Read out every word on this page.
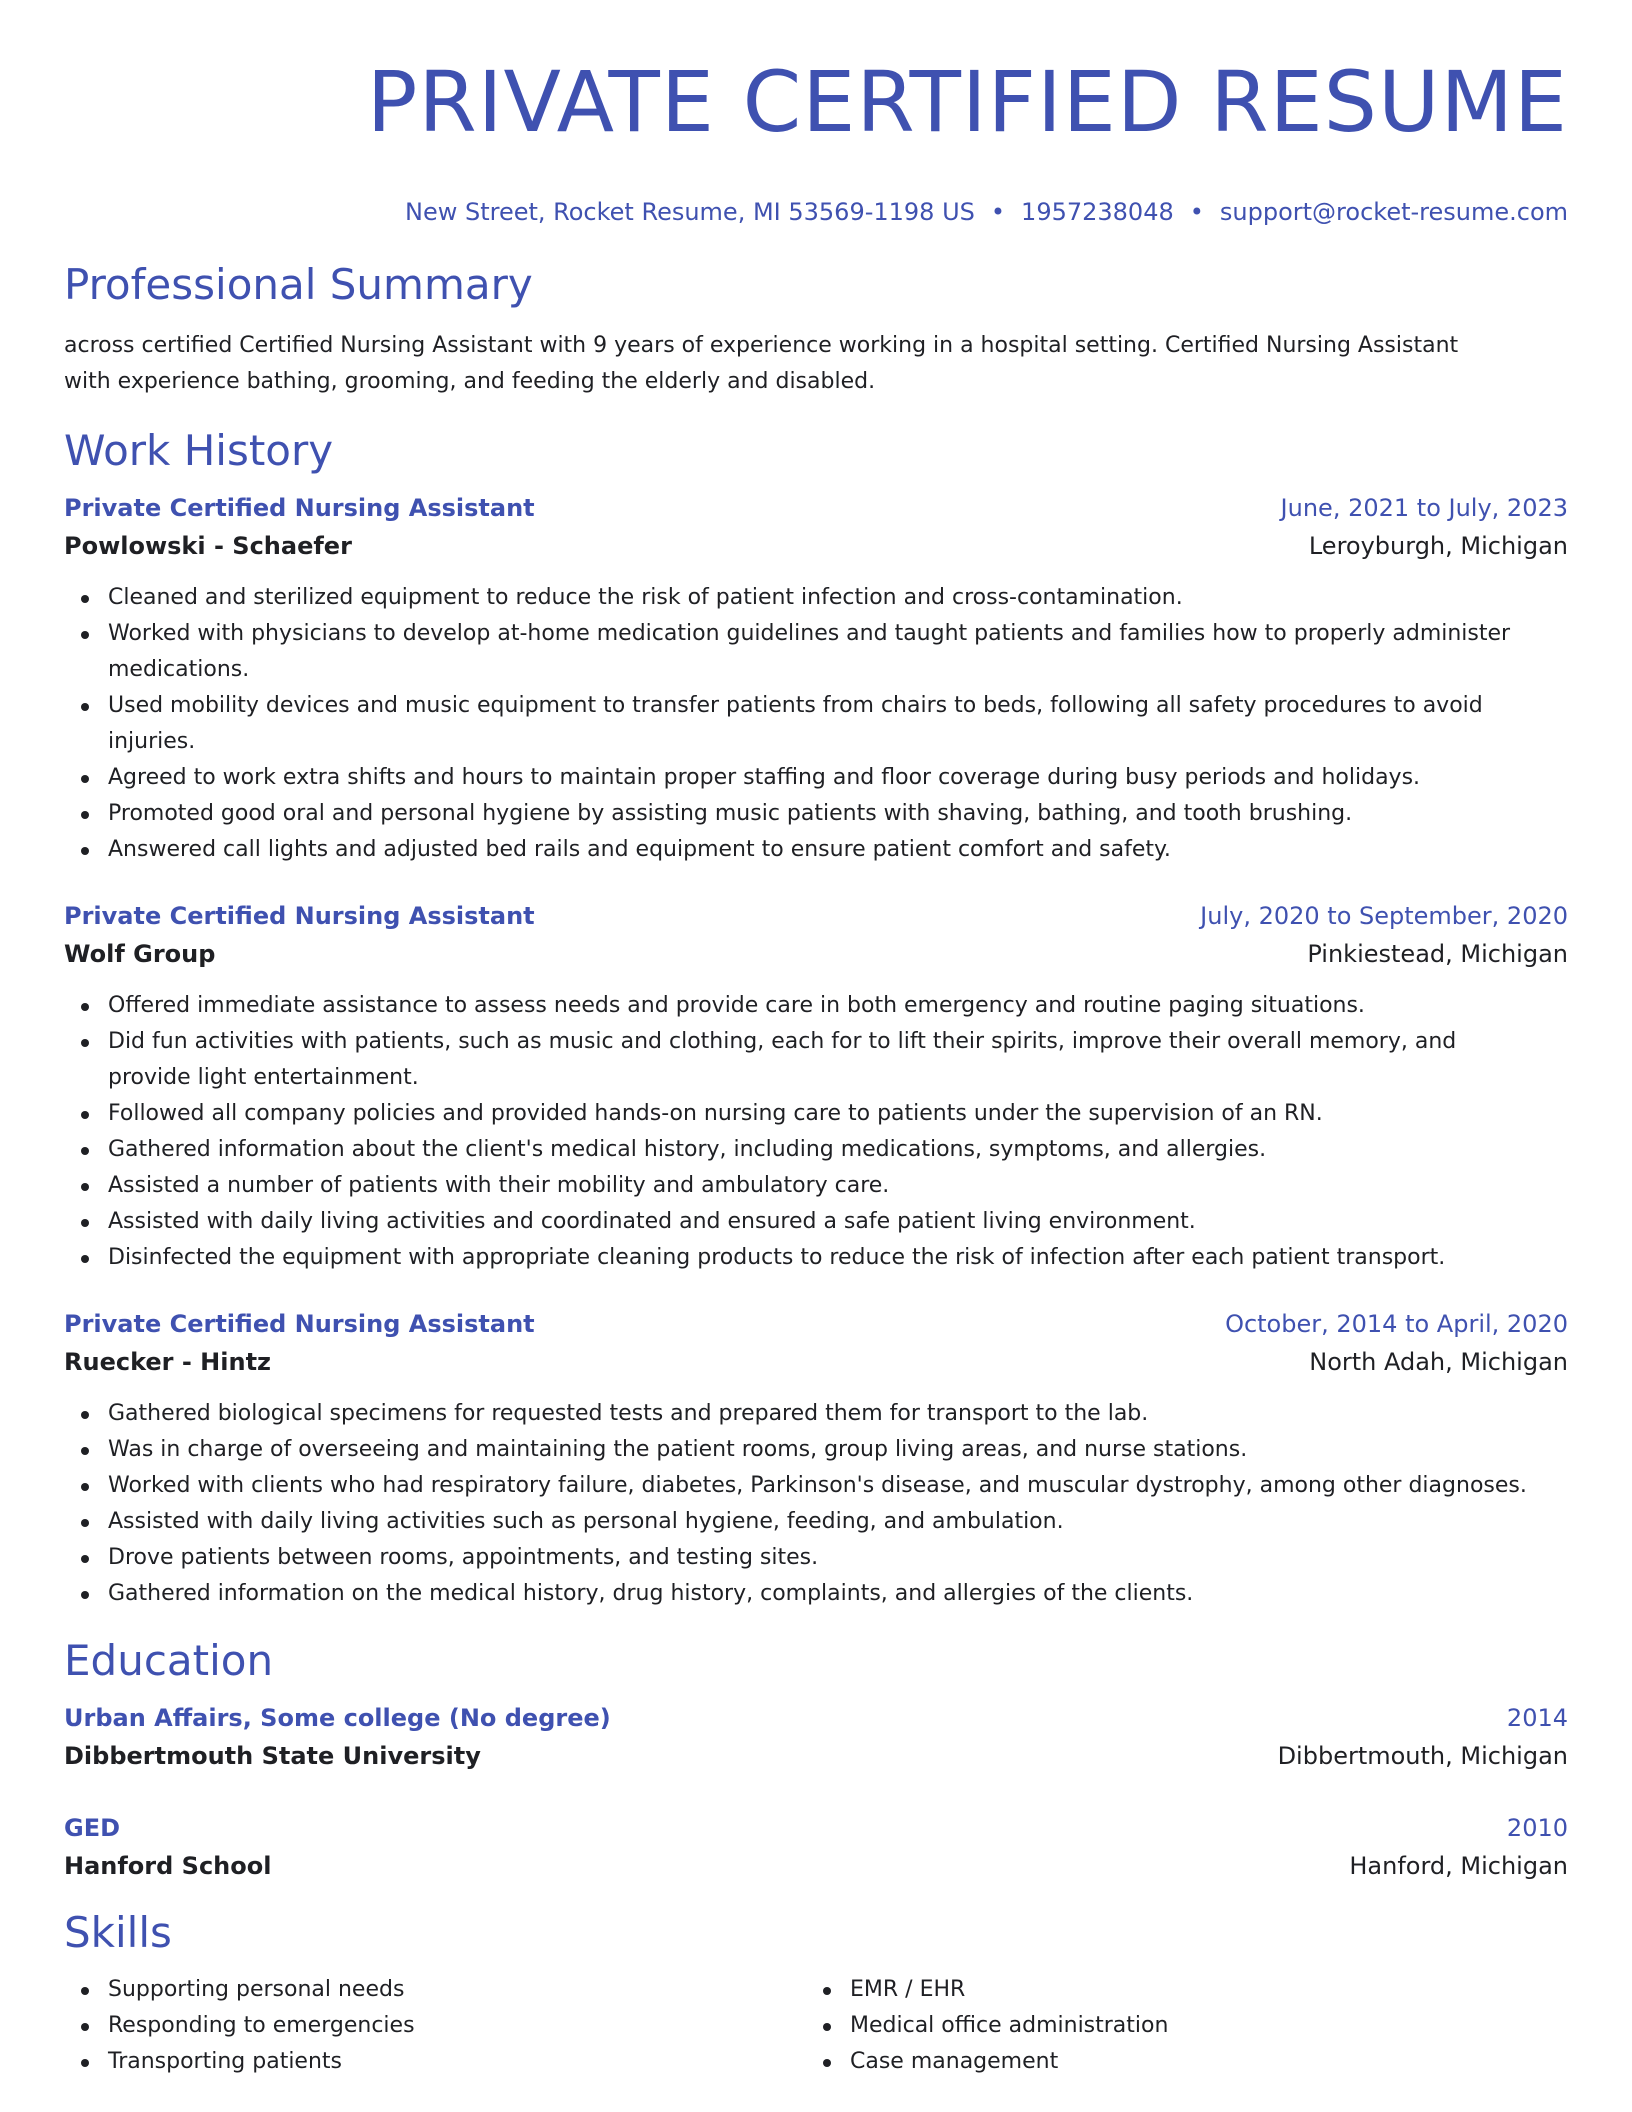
PRIVATE CERTIFIED RESUME
New Street, Rocket Resume, MI 53569-1198 US • 1957238048 • support@rocket-resume.com
Professional Summary

across certified Certified Nursing Assistant with 9 years of experience working in a hospital setting. Certified Nursing Assistant with experience bathing, grooming, and feeding the elderly and disabled.

Work History
Private Certified Nursing Assistant	June, 2021 to July, 2023
Powlowski - Schaefer	Leroyburgh, Michigan
Cleaned and sterilized equipment to reduce the risk of patient infection and cross-contamination.
Worked with physicians to develop at-home medication guidelines and taught patients and families how to properly administer medications.
Used mobility devices and music equipment to transfer patients from chairs to beds, following all safety procedures to avoid injuries.
Agreed to work extra shifts and hours to maintain proper staffing and floor coverage during busy periods and holidays.
Promoted good oral and personal hygiene by assisting music patients with shaving, bathing, and tooth brushing.
Answered call lights and adjusted bed rails and equipment to ensure patient comfort and safety.
Private Certified Nursing Assistant	July, 2020 to September, 2020
Wolf Group	Pinkiestead, Michigan
Offered immediate assistance to assess needs and provide care in both emergency and routine paging situations.
Did fun activities with patients, such as music and clothing, each for to lift their spirits, improve their overall memory, and provide light entertainment.
Followed all company policies and provided hands-on nursing care to patients under the supervision of an RN.
Gathered information about the client's medical history, including medications, symptoms, and allergies.
Assisted a number of patients with their mobility and ambulatory care.
Assisted with daily living activities and coordinated and ensured a safe patient living environment.
Disinfected the equipment with appropriate cleaning products to reduce the risk of infection after each patient transport.
Private Certified Nursing Assistant	October, 2014 to April, 2020
Ruecker - Hintz	North Adah, Michigan
Gathered biological specimens for requested tests and prepared them for transport to the lab.
Was in charge of overseeing and maintaining the patient rooms, group living areas, and nurse stations.
Worked with clients who had respiratory failure, diabetes, Parkinson's disease, and muscular dystrophy, among other diagnoses.
Assisted with daily living activities such as personal hygiene, feeding, and ambulation.
Drove patients between rooms, appointments, and testing sites.
Gathered information on the medical history, drug history, complaints, and allergies of the clients.
Education
Urban Affairs, Some college (No degree)	2014
Dibbertmouth State University	Dibbertmouth, Michigan
GED	2010
Hanford School	Hanford, Michigan
Skills
Supporting personal needs
Responding to emergencies
Transporting patients
EMR / EHR
Medical office administration
Case management
